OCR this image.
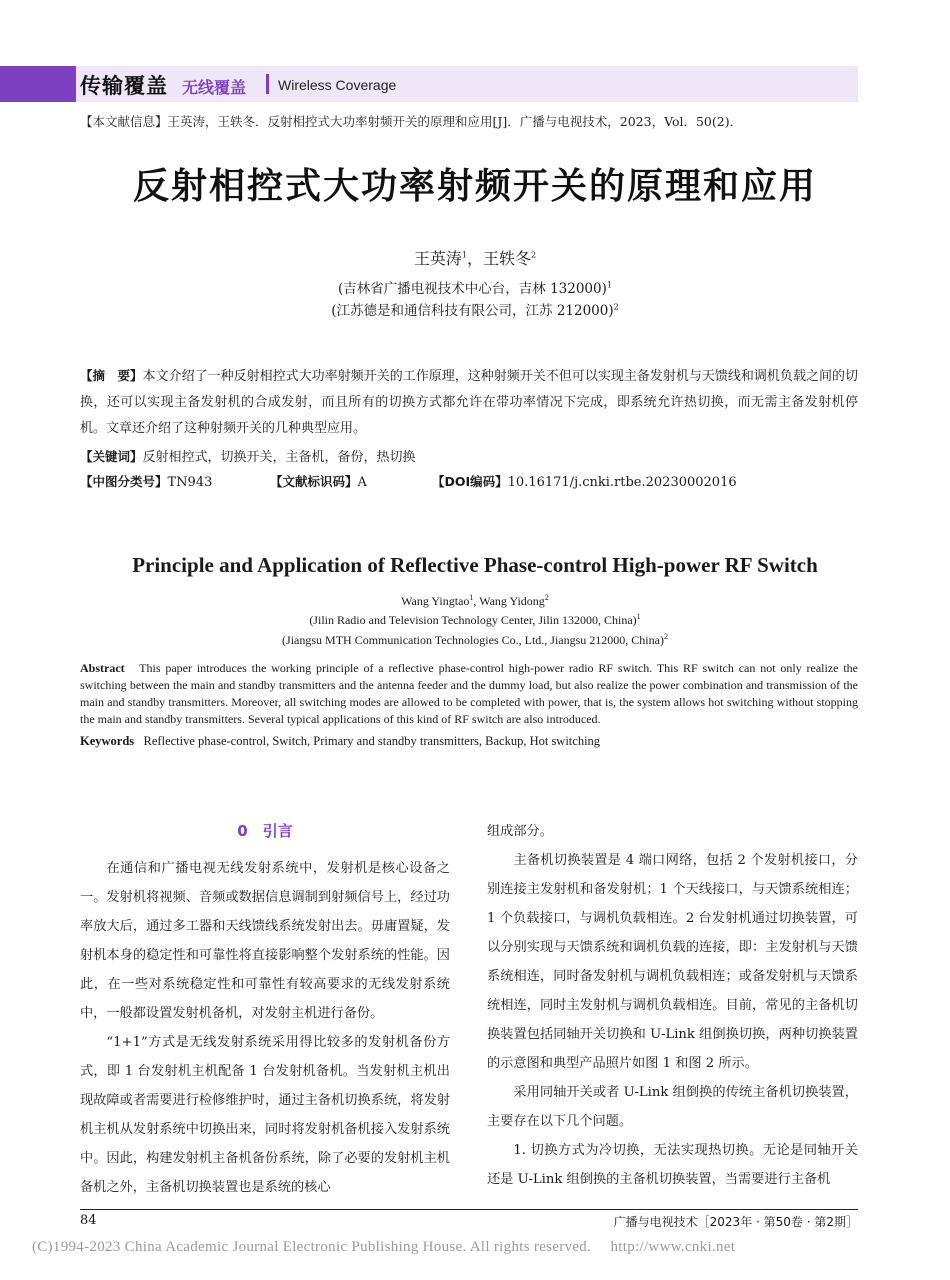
传输覆盖 无线覆盖 Wireless Coverage
【本文献信息】王英涛，王轶冬．反射相控式大功率射频开关的原理和应用[J]．广播与电视技术，2023，Vol．50(2)．
反射相控式大功率射频开关的原理和应用
王英涛$^1$，王轶冬$^2$
(吉林省广播电视技术中心台，吉林 132000)$^1$
(江苏德是和通信科技有限公司，江苏 212000)$^2$
【摘　要】本文介绍了一种反射相控式大功率射频开关的工作原理，这种射频开关不但可以实现主备发射机与天馈线和调机负载之间的切换，还可以实现主备发射机的合成发射，而且所有的切换方式都允许在带功率情况下完成，即系统允许热切换，而无需主备发射机停机。文章还介绍了这种射频开关的几种典型应用。
【关键词】反射相控式，切换开关，主备机，备份，热切换
【中图分类号】TN943	【文献标识码】A	【DOI编码】10.16171/j.cnki.rtbe.20230002016
Principle and Application of Reflective Phase-control High-power RF Switch
Wang Yingtao$^1$, Wang Yidong$^2$
(Jilin Radio and Television Technology Center, Jilin 132000, China)$^1$
(Jiangsu MTH Communication Technologies Co., Ltd., Jiangsu 212000, China)$^2$
Abstract This paper introduces the working principle of a reflective phase-control high-power radio RF switch. This RF switch can not only realize the switching between the main and standby transmitters and the antenna feeder and the dummy load, but also realize the power combination and transmission of the main and standby transmitters. Moreover, all switching modes are allowed to be completed with power, that is, the system allows hot switching without stopping the main and standby transmitters. Several typical applications of this kind of RF switch are also introduced.
Keywords Reflective phase-control, Switch, Primary and standby transmitters, Backup, Hot switching
0　引言

在通信和广播电视无线发射系统中，发射机是核心设备之一。发射机将视频、音频或数据信息调制到射频信号上，经过功率放大后，通过多工器和天线馈线系统发射出去。毋庸置疑，发射机本身的稳定性和可靠性将直接影响整个发射系统的性能。因此，在一些对系统稳定性和可靠性有较高要求的无线发射系统中，一般都设置发射机备机，对发射主机进行备份。

“1+1”方式是无线发射系统采用得比较多的发射机备份方式，即 1 台发射机主机配备 1 台发射机备机。当发射机主机出现故障或者需要进行检修维护时，通过主备机切换系统，将发射机主机从发射系统中切换出来，同时将发射机备机接入发射系统中。因此，构建发射机主备机备份系统，除了必要的发射机主机备机之外，主备机切换装置也是系统的核心

组成部分。

主备机切换装置是 4 端口网络，包括 2 个发射机接口，分别连接主发射机和备发射机；1 个天线接口，与天馈系统相连；1 个负载接口，与调机负载相连。2 台发射机通过切换装置，可以分别实现与天馈系统和调机负载的连接，即：主发射机与天馈系统相连，同时备发射机与调机负载相连；或备发射机与天馈系统相连，同时主发射机与调机负载相连。目前，常见的主备机切换装置包括同轴开关切换和 U-Link 组倒换切换，两种切换装置的示意图和典型产品照片如图 1 和图 2 所示。

采用同轴开关或者 U-Link 组倒换的传统主备机切换装置，主要存在以下几个问题。

1. 切换方式为冷切换，无法实现热切换。无论是同轴开关还是 U-Link 组倒换的主备机切换装置，当需要进行主备机

84	广播与电视技术［2023年 · 第50卷 · 第2期］
(C)1994-2023 China Academic Journal Electronic Publishing House. All rights reserved.　 http://www.cnki.net
